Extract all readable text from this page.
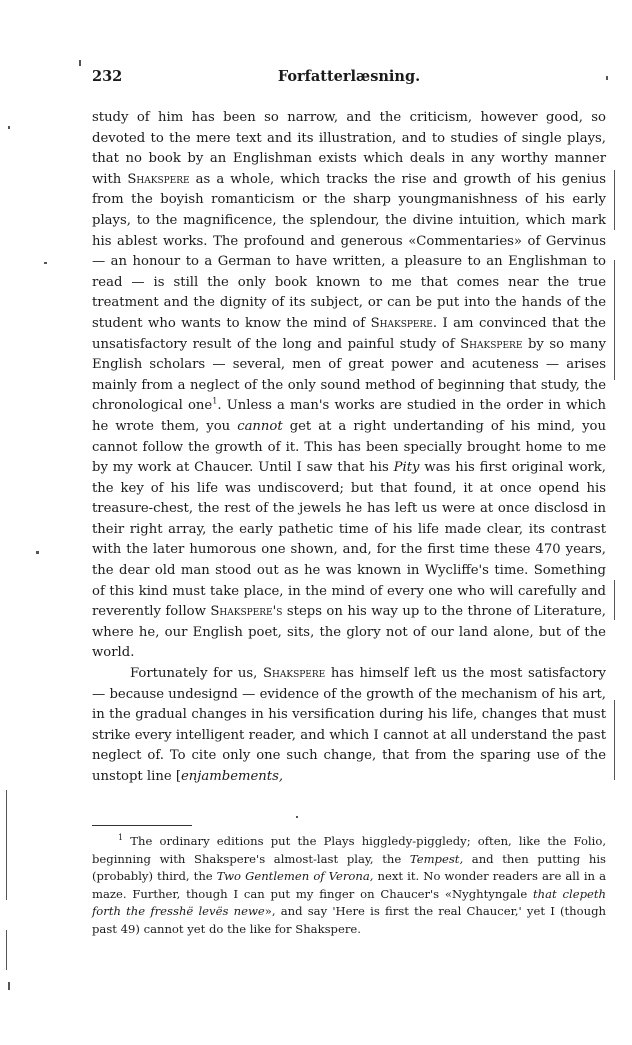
232	Forfatterlæsning.

study of him has been so narrow, and the criticism, however good, so devoted to the mere text and its illustration, and to studies of single plays, that no book by an Englishman exists which deals in any worthy manner with Shakspere as a whole, which tracks the rise and growth of his genius from the boyish romanticism or the sharp youngmanishness of his early plays, to the magnificence, the splendour, the divine intuition, which mark his ablest works. The profound and generous «Commentaries» of Gervinus — an honour to a German to have written, a pleasure to an Englishman to read — is still the only book known to me that comes near the true treatment and the dignity of its subject, or can be put into the hands of the student who wants to know the mind of Shakspere. I am convinced that the unsatisfactory result of the long and painful study of Shakspere by so many English scholars — several, men of great power and acuteness — arises mainly from a neglect of the only sound method of beginning that study, the chronological one$^1$. Unless a man's works are studied in the order in which he wrote them, you cannot get at a right undertanding of his mind, you cannot follow the growth of it. This has been specially brought home to me by my work at Chaucer. Until I saw that his Pity was his first original work, the key of his life was undiscoverd; but that found, it at once opend his treasure-chest, the rest of the jewels he has left us were at once disclosd in their right array, the early pathetic time of his life made clear, its contrast with the later humorous one shown, and, for the first time these 470 years, the dear old man stood out as he was known in Wycliffe's time. Something of this kind must take place, in the mind of every one who will carefully and reverently follow Shakspere's steps on his way up to the throne of Literature, where he, our English poet, sits, the glory not of our land alone, but of the world.

Fortunately for us, Shakspere has himself left us the most satisfactory — because undesignd — evidence of the growth of the mechanism of his art, in the gradual changes in his versification during his life, changes that must strike every intelligent reader, and which I cannot at all understand the past neglect of. To cite only one such change, that from the sparing use of the unstopt line [enjambements,

$^1$ The ordinary editions put the Plays higgledy-piggledy; often, like the Folio, beginning with Shakspere's almost-last play, the Tempest, and then putting his (probably) third, the Two Gentlemen of Verona, next it. No wonder readers are all in a maze. Further, though I can put my finger on Chaucer's «Nyghtyngale that clepeth forth the fresshë levës newe», and say 'Here is first the real Chaucer,' yet I (though past 49) cannot yet do the like for Shakspere.
